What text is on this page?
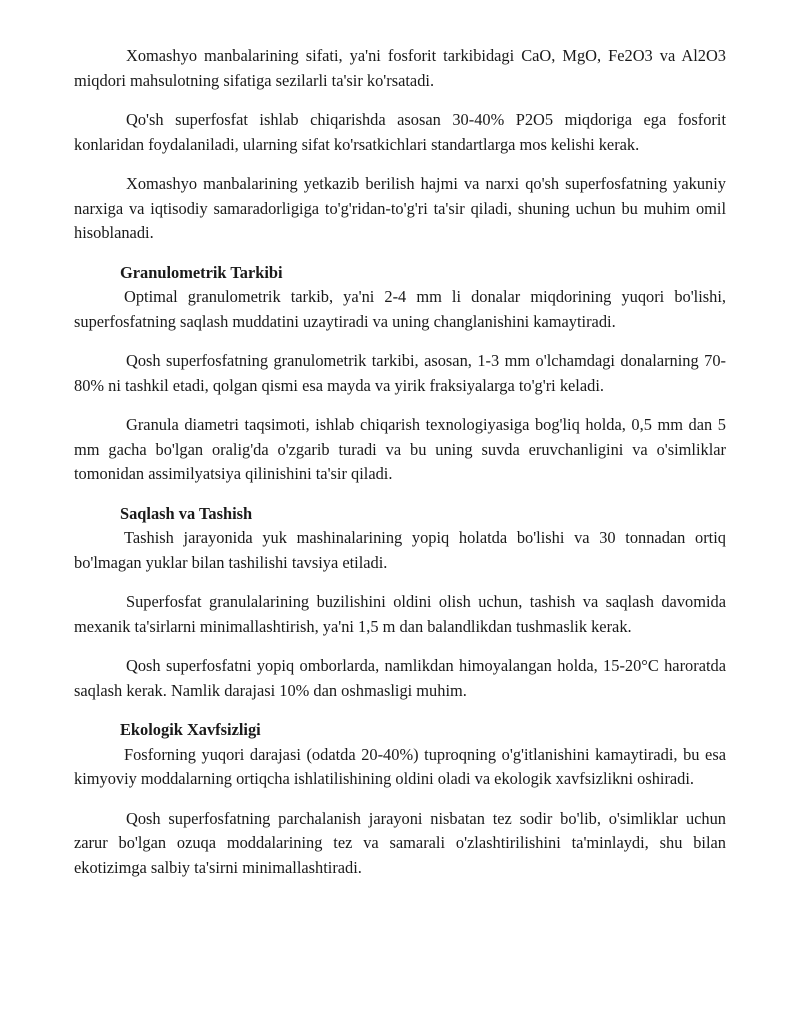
Xomashyo manbalarining sifati, ya'ni fosforit tarkibidagi CaO, MgO, Fe2O3 va Al2O3 miqdori mahsulotning sifatiga sezilarli ta'sir ko'rsatadi.

Qo'sh superfosfat ishlab chiqarishda asosan 30-40% P2O5 miqdoriga ega fosforit konlaridan foydalaniladi, ularning sifat ko'rsatkichlari standartlarga mos kelishi kerak.

Xomashyo manbalarining yetkazib berilish hajmi va narxi qo'sh superfosfatning yakuniy narxiga va iqtisodiy samaradorligiga to'g'ridan-to'g'ri ta'sir qiladi, shuning uchun bu muhim omil hisoblanadi.

Granulometrik Tarkibi

Optimal granulometrik tarkib, ya'ni 2-4 mm li donalar miqdorining yuqori bo'lishi, superfosfatning saqlash muddatini uzaytiradi va uning changlanishini kamaytiradi.

Qosh superfosfatning granulometrik tarkibi, asosan, 1-3 mm o'lchamdagi donalarning 70-80% ni tashkil etadi, qolgan qismi esa mayda va yirik fraksiyalarga to'g'ri keladi.

Granula diametri taqsimoti, ishlab chiqarish texnologiyasiga bog'liq holda, 0,5 mm dan 5 mm gacha bo'lgan oralig'da o'zgarib turadi va bu uning suvda eruvchanligini va o'simliklar tomonidan assimilyatsiya qilinishini ta'sir qiladi.

Saqlash va Tashish

Tashish jarayonida yuk mashinalarining yopiq holatda bo'lishi va 30 tonnadan ortiq bo'lmagan yuklar bilan tashilishi tavsiya etiladi.

Superfosfat granulalarining buzilishini oldini olish uchun, tashish va saqlash davomida mexanik ta'sirlarni minimallashtirish, ya'ni 1,5 m dan balandlikdan tushmaslik kerak.

Qosh superfosfatni yopiq omborlarda, namlikdan himoyalangan holda, 15-20°C haroratda saqlash kerak. Namlik darajasi 10% dan oshmasligi muhim.

Ekologik Xavfsizligi

Fosforning yuqori darajasi (odatda 20-40%) tuproqning o'g'itlanishini kamaytiradi, bu esa kimyoviy moddalarning ortiqcha ishlatilishining oldini oladi va ekologik xavfsizlikni oshiradi.

Qosh superfosfatning parchalanish jarayoni nisbatan tez sodir bo'lib, o'simliklar uchun zarur bo'lgan ozuqa moddalarining tez va samarali o'zlashtirilishini ta'minlaydi, shu bilan ekotizimga salbiy ta'sirni minimallashtiradi.
